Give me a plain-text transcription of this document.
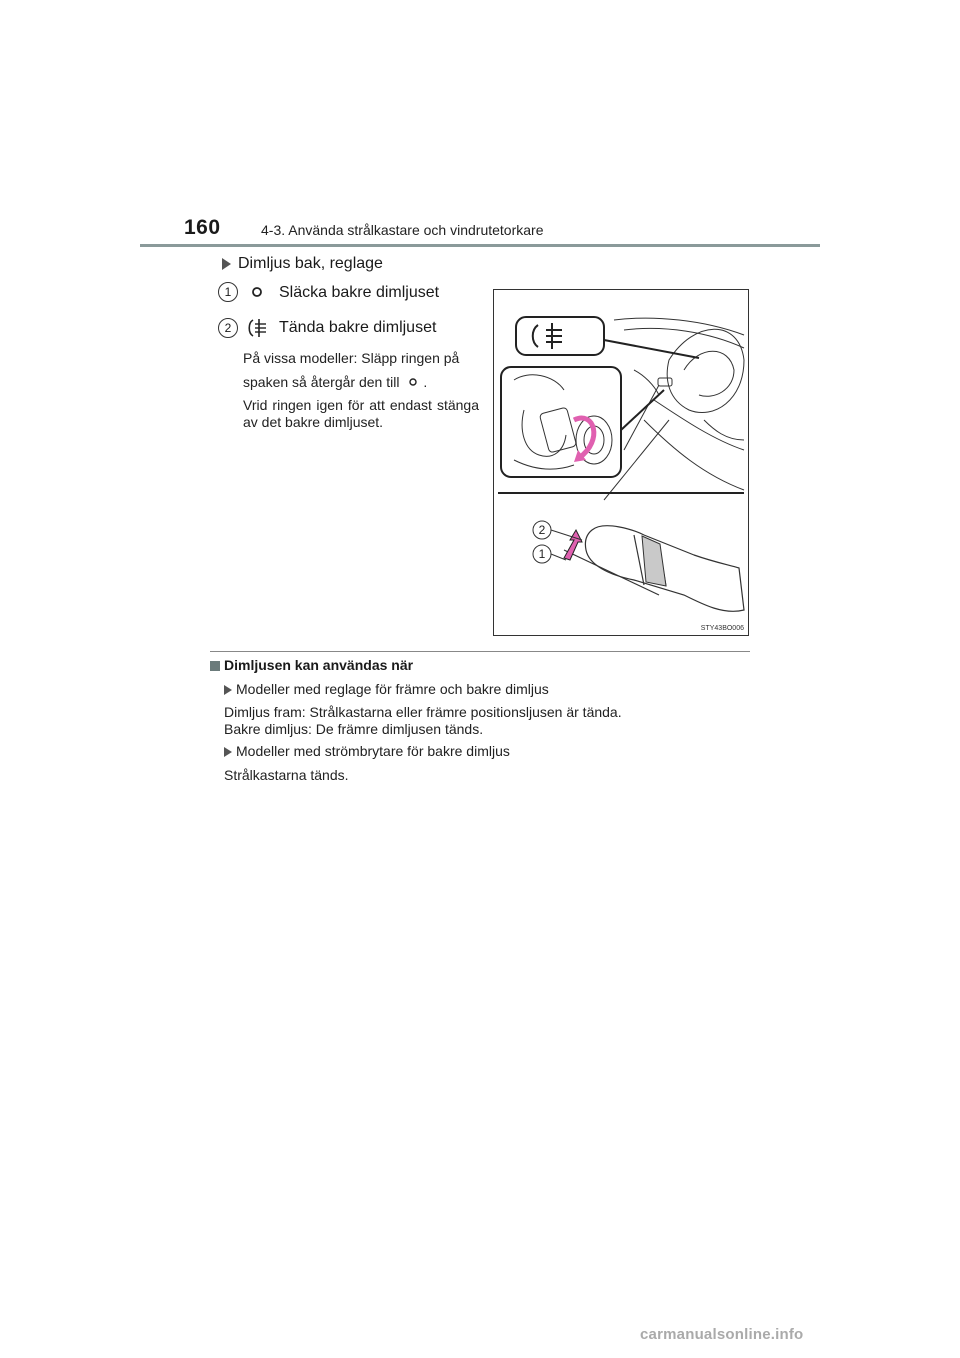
160	4-3. Använda strålkastare och vindrutetorkare
Dimljus bak, reglage
1	Släcka bakre dimljuset
2	Tända bakre dimljuset
På vissa modeller: Släpp ringen på
spaken så återgår den till .
Vrid ringen igen för att endast stänga av det bakre dimljuset.
2
1
STY43BO006
Dimljusen kan användas när
Modeller med reglage för främre och bakre dimljus
Dimljus fram: Strålkastarna eller främre positionsljusen är tända.
Bakre dimljus: De främre dimljusen tänds.
Modeller med strömbrytare för bakre dimljus
Strålkastarna tänds.
carmanualsonline.info
